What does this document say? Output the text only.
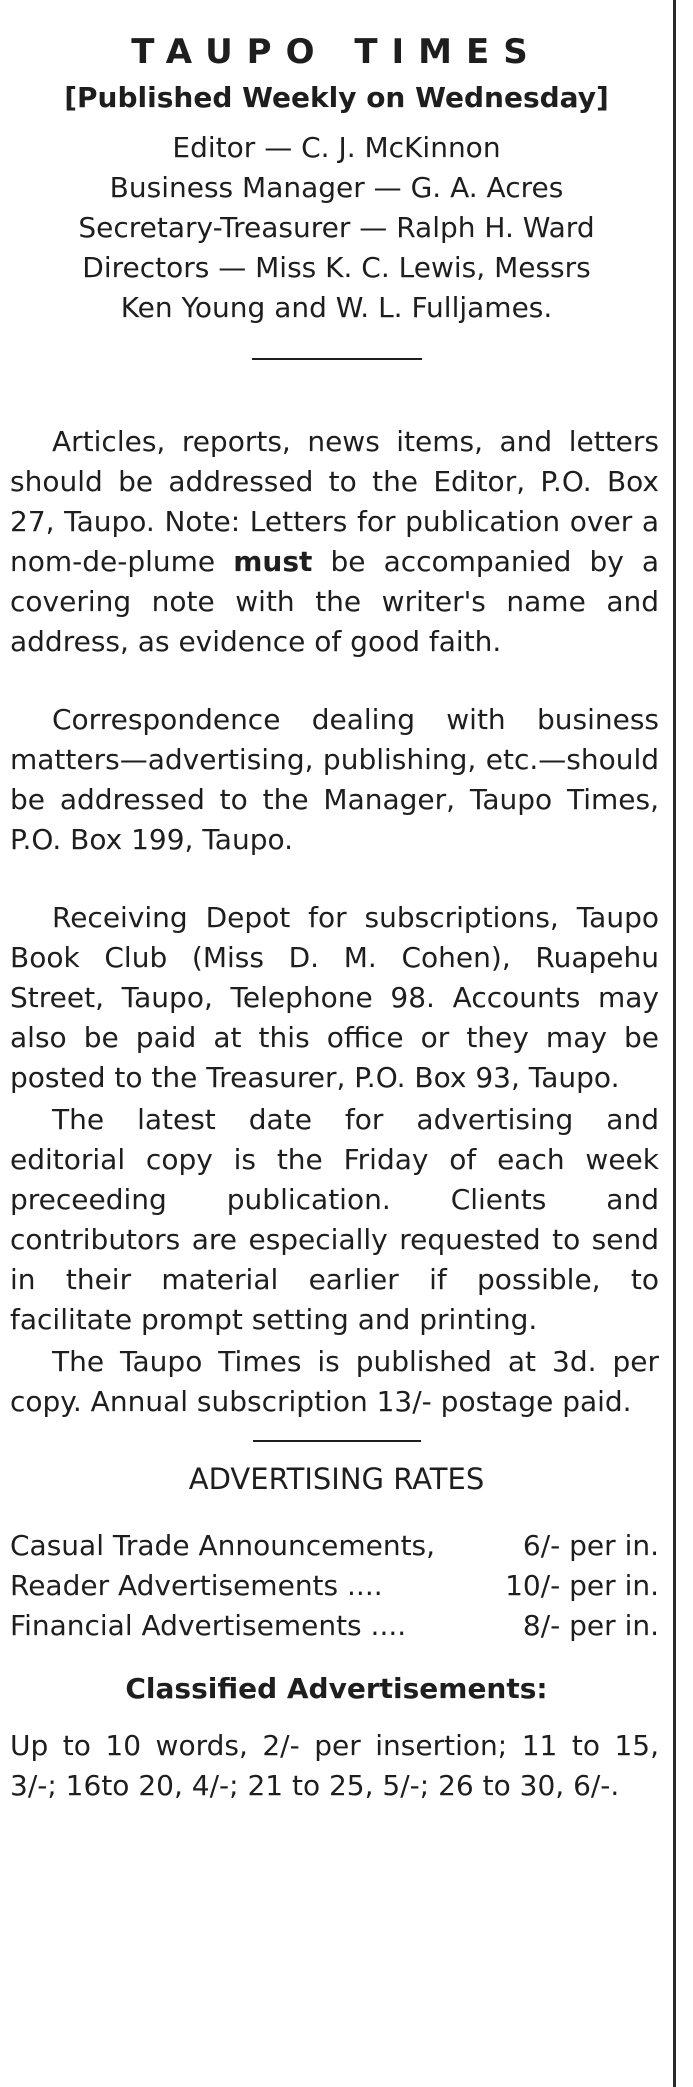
TAUPO TIMES
[Published Weekly on Wednesday]
Editor — C. J. McKinnon
Business Manager — G. A. Acres
Secretary-Treasurer — Ralph H. Ward
Directors — Miss K. C. Lewis, Messrs
Ken Young and W. L. Fulljames.

Articles, reports, news items, and letters should be addressed to the Editor, P.O. Box 27, Taupo. Note: Letters for publication over a nom-de-plume must be accompanied by a covering note with the writer's name and address, as evidence of good faith.

Correspondence dealing with business matters—advertising, publishing, etc.—should be addressed to the Manager, Taupo Times, P.O. Box 199, Taupo.

Receiving Depot for subscriptions, Taupo Book Club (Miss D. M. Cohen), Ruapehu Street, Taupo, Telephone 98. Accounts may also be paid at this office or they may be posted to the Treasurer, P.O. Box 93, Taupo.

The latest date for advertising and editorial copy is the Friday of each week preceeding publication. Clients and contributors are especially requested to send in their material earlier if possible, to facilitate prompt setting and printing.

The Taupo Times is published at 3d. per copy. Annual subscription 13/- postage paid.

ADVERTISING RATES
Casual Trade Announcements,	6/- per in.
Reader Advertisements ....	10/- per in.
Financial Advertisements ....	8/- per in.
Classified Advertisements:

Up to 10 words, 2/- per insertion; 11 to 15, 3/-; 16to 20, 4/-; 21 to 25, 5/-; 26 to 30, 6/-.
